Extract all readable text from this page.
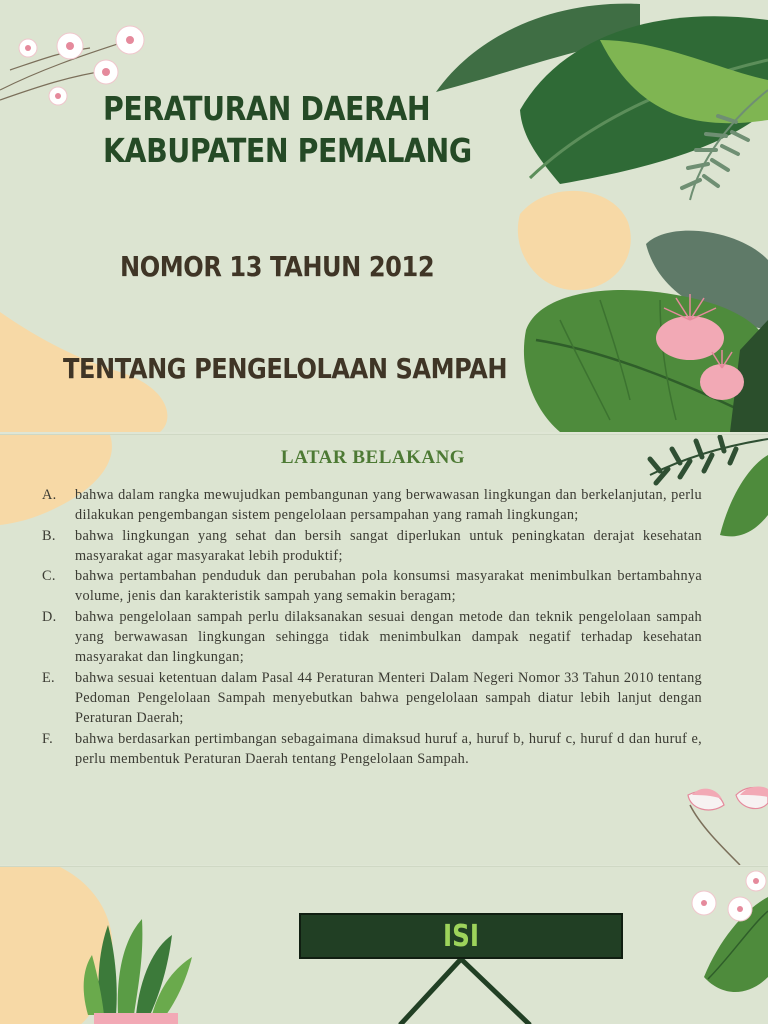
PERATURAN DAERAH
KABUPATEN PEMALANG

NOMOR 13 TAHUN 2012

TENTANG PENGELOLAAN SAMPAH

LATAR BELAKANG
A.	bahwa dalam rangka mewujudkan pembangunan yang berwawasan lingkungan dan berkelanjutan, perlu dilakukan pengembangan sistem pengelolaan persampahan yang ramah lingkungan;
B.	bahwa lingkungan yang sehat dan bersih sangat diperlukan untuk peningkatan derajat kesehatan masyarakat agar masyarakat lebih produktif;
C.	bahwa pertambahan penduduk dan perubahan pola konsumsi masyarakat menimbulkan bertambahnya volume, jenis dan karakteristik sampah yang semakin beragam;
D.	bahwa pengelolaan sampah perlu dilaksanakan sesuai dengan metode dan teknik pengelolaan sampah yang berwawasan lingkungan sehingga tidak menimbulkan dampak negatif terhadap kesehatan masyarakat dan lingkungan;
E.	bahwa sesuai ketentuan dalam Pasal 44 Peraturan Menteri Dalam Negeri Nomor 33 Tahun 2010 tentang Pedoman Pengelolaan Sampah menyebutkan bahwa pengelolaan sampah diatur lebih lanjut dengan Peraturan Daerah;
F.	bahwa berdasarkan pertimbangan sebagaimana dimaksud huruf a, huruf b, huruf c, huruf d dan huruf e, perlu membentuk Peraturan Daerah tentang Pengelolaan Sampah.
ISI
